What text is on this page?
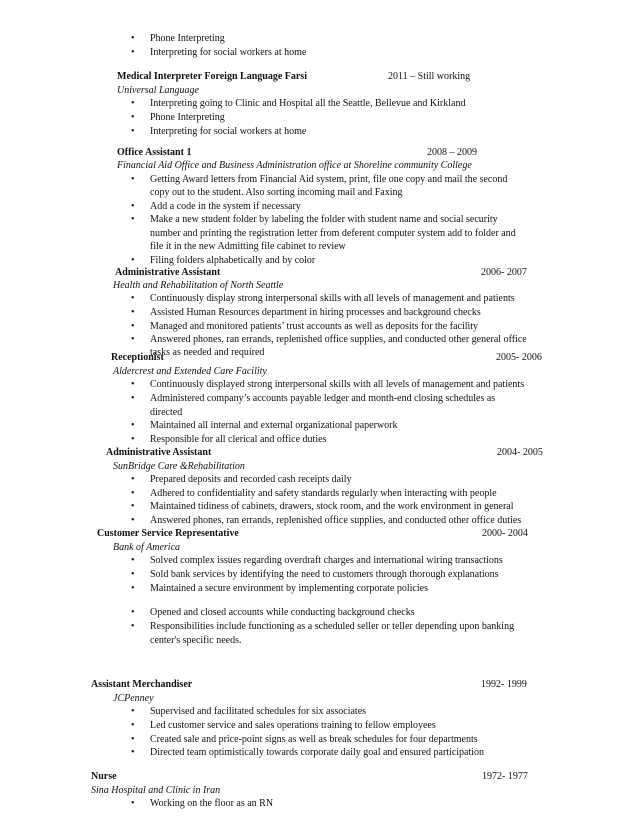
• Phone Interpreting
• Interpreting for social workers at home
Medical Interpreter Foreign Language Farsi	2011 – Still working
Universal Language
• Interpreting going to Clinic and Hospital all the Seattle, Bellevue and Kirkland
• Phone Interpreting
• Interpreting for social workers at home
Office Assistant 1	2008 – 2009
Financial Aid Office and Business Administration office at Shoreline community College
• Getting Award letters from Financial Aid system, print, file one copy and mail the second
copy out to the student. Also sorting incoming mail and Faxing
• Add a code in the system if necessary
• Make a new student folder by labeling the folder with student name and social security
number and printing the registration letter from deferent computer system add to folder and
file it in the new Admitting file cabinet to review
• Filing folders alphabetically and by color
Administrative Assistant	2006- 2007
Health and Rehabilitation of North Seattle
• Continuously display strong interpersonal skills with all levels of management and patients
• Assisted Human Resources department in hiring processes and background checks
• Managed and monitored patients’ trust accounts as well as deposits for the facility
• Answered phones, ran errands, replenished office supplies, and conducted other general office
tasks as needed and required
Receptionist	2005- 2006
Aldercrest and Extended Care Facility
• Continuously displayed strong interpersonal skills with all levels of management and patients
• Administered company’s accounts payable ledger and month-end closing schedules as
directed
• Maintained all internal and external organizational paperwork
• Responsible for all clerical and office duties
Administrative Assistant	2004- 2005
SunBridge Care &Rehabilitation
• Prepared deposits and recorded cash receipts daily
• Adhered to confidentiality and safety standards regularly when interacting with people
• Maintained tidiness of cabinets, drawers, stock room, and the work environment in general
• Answered phones, ran errands, replenished office supplies, and conducted other office duties
Customer Service Representative	2000- 2004
Bank of America
• Solved complex issues regarding overdraft charges and international wiring transactions
• Sold bank services by identifying the need to customers through thorough explanations
• Maintained a secure environment by implementing corporate policies
• Opened and closed accounts while conducting background checks
• Responsibilities include functioning as a scheduled seller or teller depending upon banking
center's specific needs.
Assistant Merchandiser	1992- 1999
JCPenney
• Supervised and facilitated schedules for six associates
• Led customer service and sales operations training to fellow employees
• Created sale and price-point signs as well as break schedules for four departments
• Directed team optimistically towards corporate daily goal and ensured participation
Nurse	1972- 1977
Sina Hospital and Clinic in Iran
• Working on the floor as an RN
